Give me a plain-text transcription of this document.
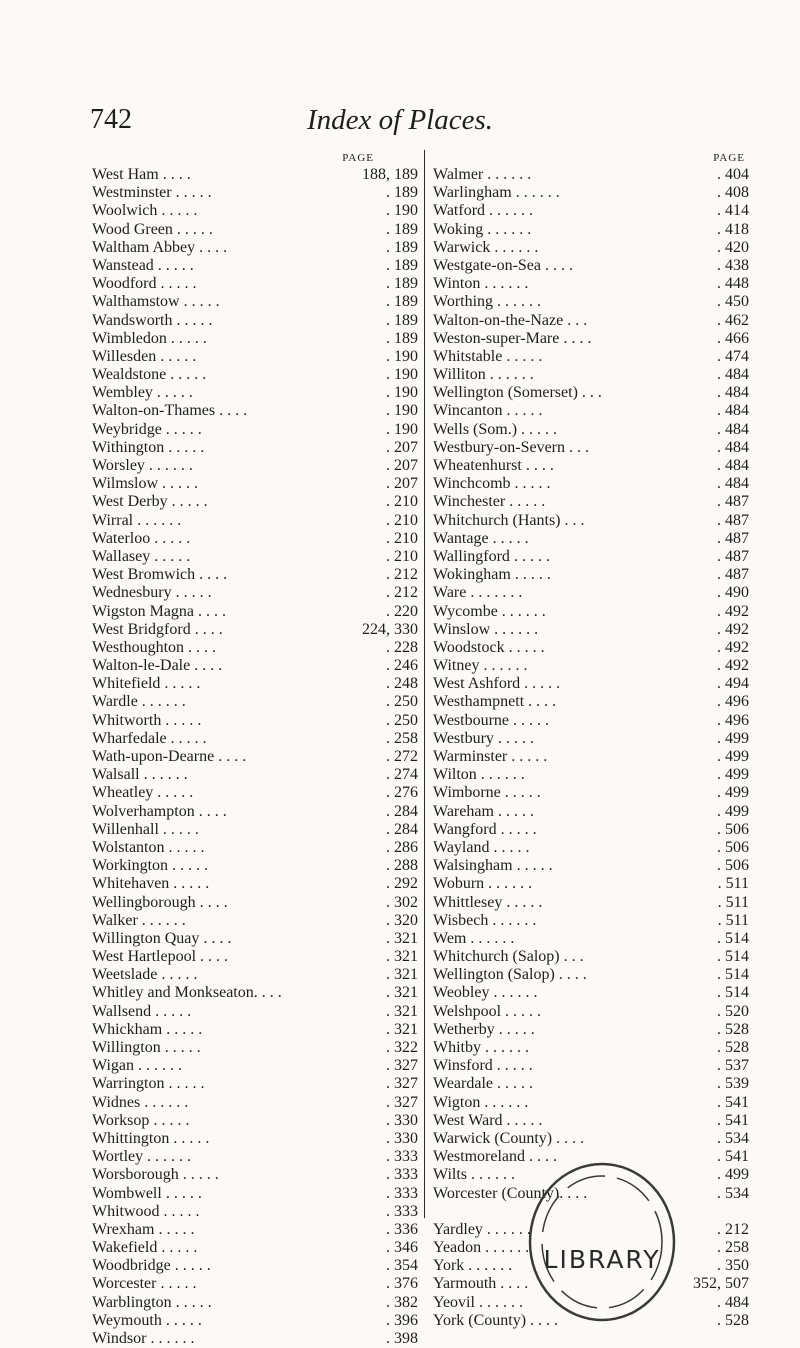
Index of Places.
742
PAGE
West Ham . . . .	188, 189
Westminster . . . . .	. 189
Woolwich . . . . .	. 190
Wood Green . . . . .	. 189
Waltham Abbey . . . .	. 189
Wanstead . . . . .	. 189
Woodford . . . . .	. 189
Walthamstow . . . . .	. 189
Wandsworth . . . . .	. 189
Wimbledon . . . . .	. 189
Willesden . . . . .	. 190
Wealdstone . . . . .	. 190
Wembley . . . . .	. 190
Walton-on-Thames . . . .	. 190
Weybridge . . . . .	. 190
Withington . . . . .	. 207
Worsley . . . . . .	. 207
Wilmslow . . . . .	. 207
West Derby . . . . .	. 210
Wirral . . . . . .	. 210
Waterloo . . . . .	. 210
Wallasey . . . . .	. 210
West Bromwich . . . .	. 212
Wednesbury . . . . .	. 212
Wigston Magna . . . .	. 220
West Bridgford . . . .	224, 330
Westhoughton . . . .	. 228
Walton-le-Dale . . . .	. 246
Whitefield . . . . .	. 248
Wardle . . . . . .	. 250
Whitworth . . . . .	. 250
Wharfedale . . . . .	. 258
Wath-upon-Dearne . . . .	. 272
Walsall . . . . . .	. 274
Wheatley . . . . .	. 276
Wolverhampton . . . .	. 284
Willenhall . . . . .	. 284
Wolstanton . . . . .	. 286
Workington . . . . .	. 288
Whitehaven . . . . .	. 292
Wellingborough . . . .	. 302
Walker . . . . . .	. 320
Willington Quay . . . .	. 321
West Hartlepool . . . .	. 321
Weetslade . . . . .	. 321
Whitley and Monkseaton. . . .	. 321
Wallsend . . . . .	. 321
Whickham . . . . .	. 321
Willington . . . . .	. 322
Wigan . . . . . .	. 327
Warrington . . . . .	. 327
Widnes . . . . . .	. 327
Worksop . . . . .	. 330
Whittington . . . . .	. 330
Wortley . . . . . .	. 333
Worsborough . . . . .	. 333
Wombwell . . . . .	. 333
Whitwood . . . . .	. 333
Wrexham . . . . .	. 336
Wakefield . . . . .	. 346
Woodbridge . . . . .	. 354
Worcester . . . . .	. 376
Warblington . . . . .	. 382
Weymouth . . . . .	. 396
Windsor . . . . . .	. 398
PAGE
Walmer . . . . . .	. 404
Warlingham . . . . . .	. 408
Watford . . . . . .	. 414
Woking . . . . . .	. 418
Warwick . . . . . .	. 420
Westgate-on-Sea . . . .	. 438
Winton . . . . . .	. 448
Worthing . . . . . .	. 450
Walton-on-the-Naze . . .	. 462
Weston-super-Mare . . . .	. 466
Whitstable . . . . .	. 474
Williton . . . . . .	. 484
Wellington (Somerset) . . .	. 484
Wincanton . . . . .	. 484
Wells (Som.) . . . . .	. 484
Westbury-on-Severn . . .	. 484
Wheatenhurst . . . .	. 484
Winchcomb . . . . .	. 484
Winchester . . . . .	. 487
Whitchurch (Hants) . . .	. 487
Wantage . . . . .	. 487
Wallingford . . . . .	. 487
Wokingham . . . . .	. 487
Ware . . . . . . .	. 490
Wycombe . . . . . .	. 492
Winslow . . . . . .	. 492
Woodstock . . . . .	. 492
Witney . . . . . .	. 492
West Ashford . . . . .	. 494
Westhampnett . . . .	. 496
Westbourne . . . . .	. 496
Westbury . . . . .	. 499
Warminster . . . . .	. 499
Wilton . . . . . .	. 499
Wimborne . . . . .	. 499
Wareham . . . . .	. 499
Wangford . . . . .	. 506
Wayland . . . . .	. 506
Walsingham . . . . .	. 506
Woburn . . . . . .	. 511
Whittlesey . . . . .	. 511
Wisbech . . . . . .	. 511
Wem . . . . . .	. 514
Whitchurch (Salop) . . .	. 514
Wellington (Salop) . . . .	. 514
Weobley . . . . . .	. 514
Welshpool . . . . .	. 520
Wetherby . . . . .	. 528
Whitby . . . . . .	. 528
Winsford . . . . .	. 537
Weardale . . . . .	. 539
Wigton . . . . . .	. 541
West Ward . . . . .	. 541
Warwick (County) . . . .	. 534
Westmoreland . . . .	. 541
Wilts . . . . . .	. 499
Worcester (County). . . .	. 534
Yardley . . . . . .	. 212
Yeadon . . . . . .	. 258
York . . . . . .	. 350
Yarmouth . . . .	352, 507
Yeovil . . . . . .	. 484
York (County) . . . .	. 528
LIBRARY
